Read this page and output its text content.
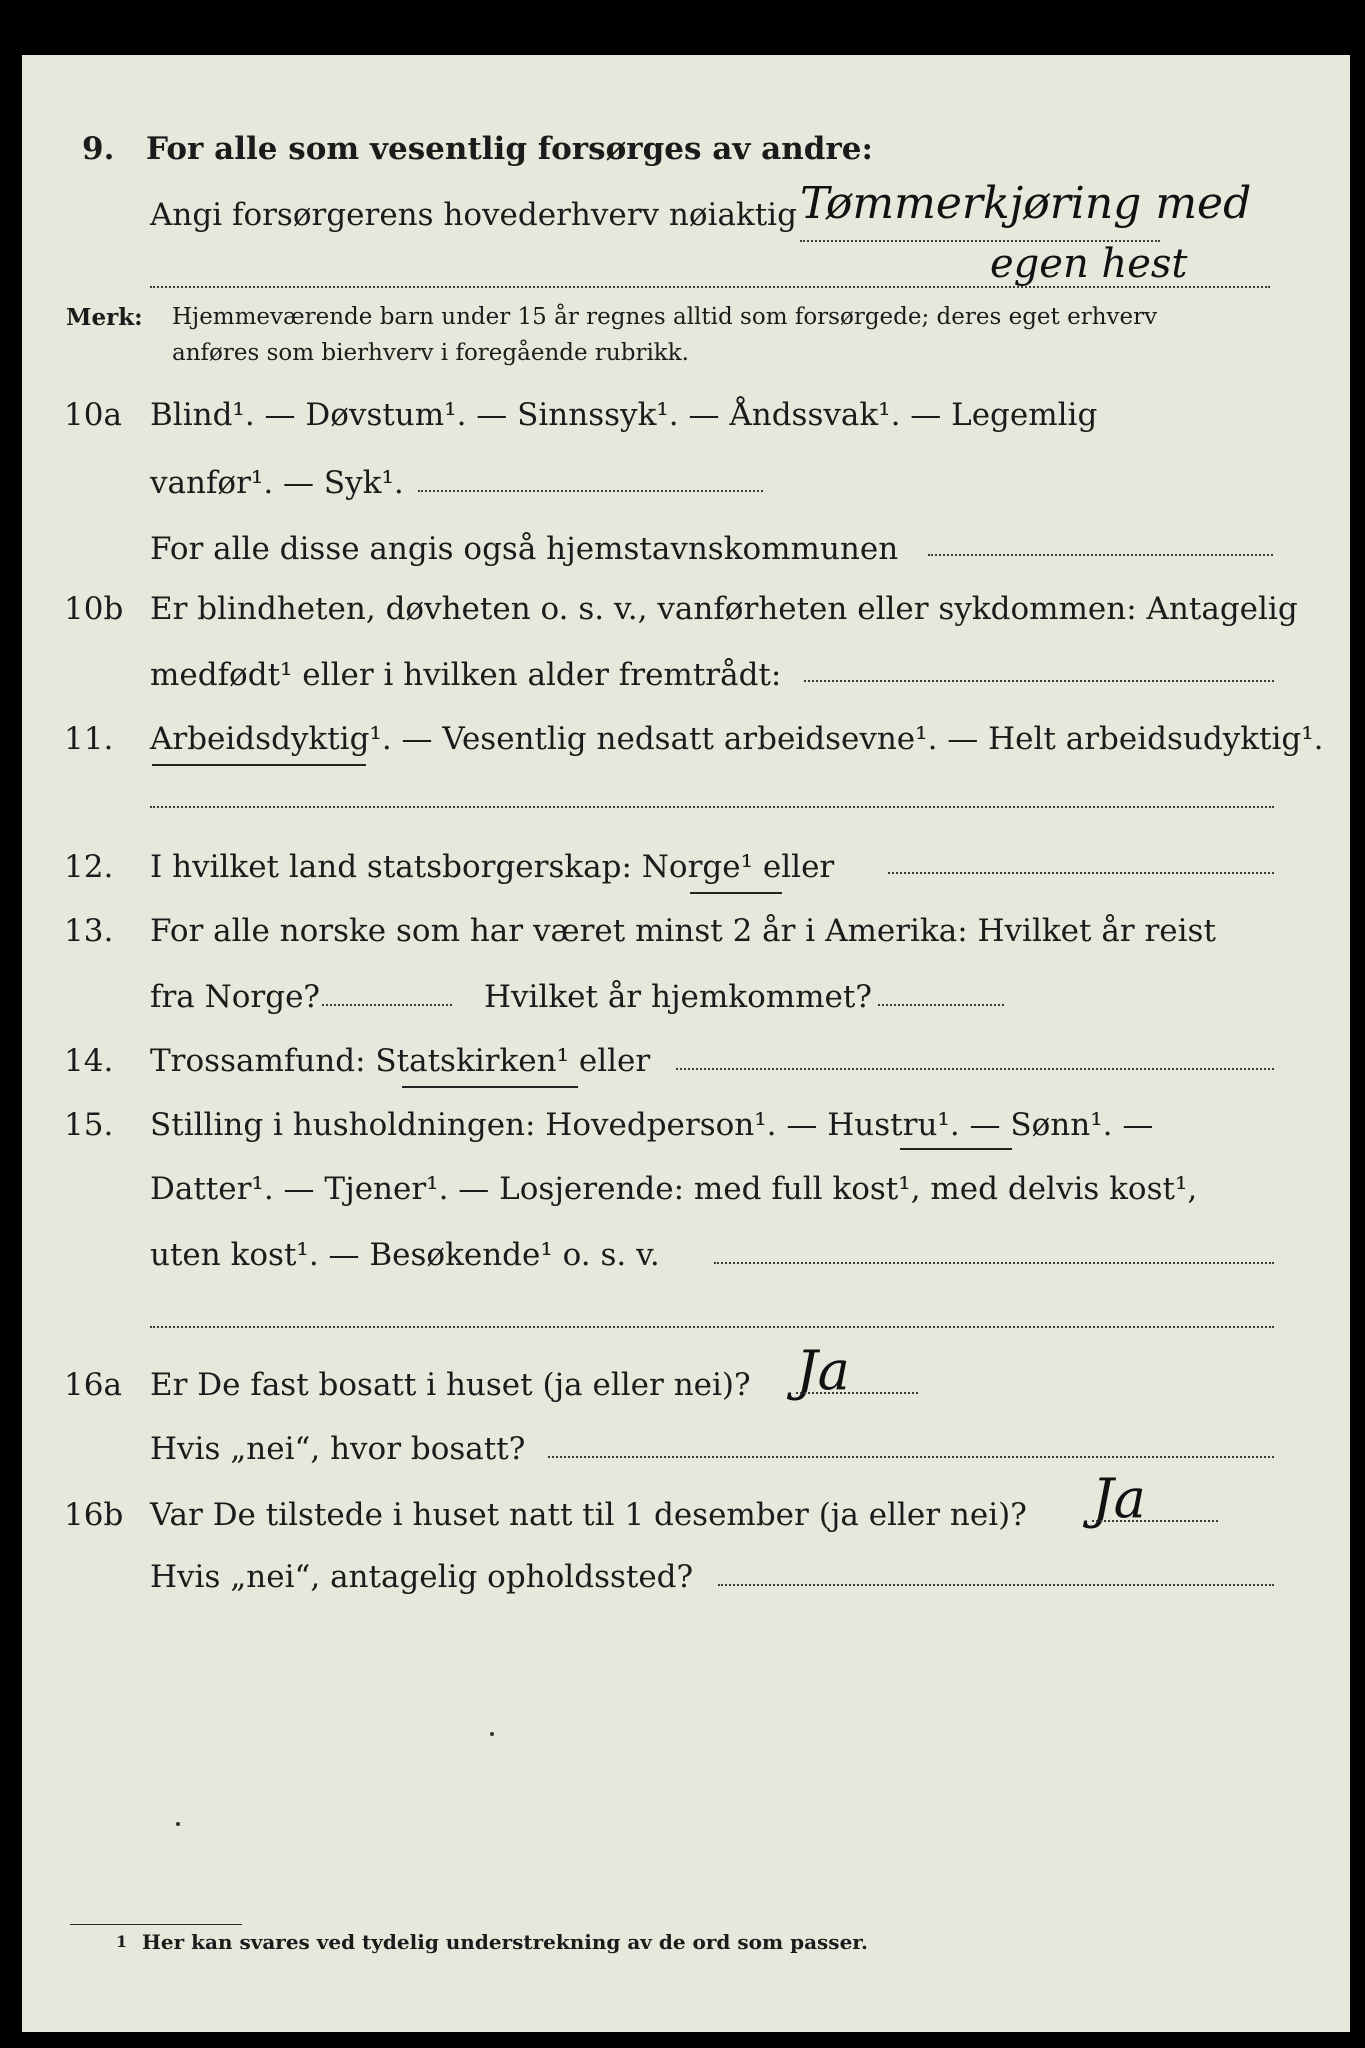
9. For alle som vesentlig forsørges av andre:
Angi forsørgerens hovederhverv nøiaktig Tømmerkjøring med
egen hest
Merk: Hjemmeværende barn under 15 år regnes alltid som forsørgede; deres eget erhverv
anføres som bierhverv i foregående rubrikk.
10a Blind¹. — Døvstum¹. — Sinnssyk¹. — Åndssvak¹. — Legemlig
vanfør¹. — Syk¹.
For alle disse angis også hjemstavnskommunen
10b Er blindheten, døvheten o. s. v., vanførheten eller sykdommen: Antagelig
medfødt¹ eller i hvilken alder fremtrådt:
11. Arbeidsdyktig¹. — Vesentlig nedsatt arbeidsevne¹. — Helt arbeidsudyktig¹.
12. I hvilket land statsborgerskap: Norge¹ eller
13. For alle norske som har været minst 2 år i Amerika: Hvilket år reist
fra Norge?	Hvilket år hjemkommet?
14. Trossamfund: Statskirken¹ eller
15. Stilling i husholdningen: Hovedperson¹. — Hustru¹. — Sønn¹. —
Datter¹. — Tjener¹. — Losjerende: med full kost¹, med delvis kost¹,
uten kost¹. — Besøkende¹ o. s. v.
16a Er De fast bosatt i huset (ja eller nei)? Ja
Hvis „nei“, hvor bosatt?
16b Var De tilstede i huset natt til 1 desember (ja eller nei)? Ja
Hvis „nei“, antagelig opholdssted?
1 Her kan svares ved tydelig understrekning av de ord som passer.
